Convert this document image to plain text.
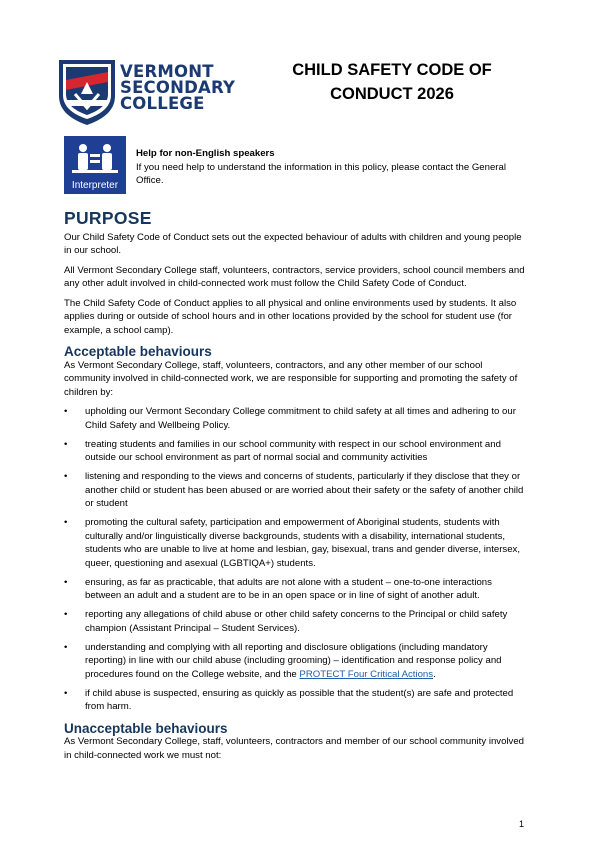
VERMONT
SECONDARY
COLLEGE
CHILD SAFETY CODE OF
CONDUCT 2026
Interpreter
Help for non-English speakers
If you need help to understand the information in this policy, please contact the General Office.
PURPOSE

Our Child Safety Code of Conduct sets out the expected behaviour of adults with children and young people in our school.

All Vermont Secondary College staff, volunteers, contractors, service providers, school council members and any other adult involved in child-connected work must follow the Child Safety Code of Conduct.

The Child Safety Code of Conduct applies to all physical and online environments used by students. It also applies during or outside of school hours and in other locations provided by the school for student use (for example, a school camp).

Acceptable behaviours

As Vermont Secondary College, staff, volunteers, contractors, and any other member of our school community involved in child-connected work, we are responsible for supporting and promoting the safety of children by:

• upholding our Vermont Secondary College commitment to child safety at all times and adhering to our Child Safety and Wellbeing Policy.
• treating students and families in our school community with respect in our school environment and outside our school environment as part of normal social and community activities
• listening and responding to the views and concerns of students, particularly if they disclose that they or another child or student has been abused or are worried about their safety or the safety of another child or student
• promoting the cultural safety, participation and empowerment of Aboriginal students, students with culturally and/or linguistically diverse backgrounds, students with a disability, international students, students who are unable to live at home and lesbian, gay, bisexual, trans and gender diverse, intersex, queer, questioning and asexual (LGBTIQA+) students.
• ensuring, as far as practicable, that adults are not alone with a student – one-to-one interactions between an adult and a student are to be in an open space or in line of sight of another adult.
• reporting any allegations of child abuse or other child safety concerns to the Principal or child safety champion (Assistant Principal – Student Services).
• understanding and complying with all reporting and disclosure obligations (including mandatory reporting) in line with our child abuse (including grooming) – identification and response policy and procedures found on the College website, and the PROTECT Four Critical Actions.
• if child abuse is suspected, ensuring as quickly as possible that the student(s) are safe and protected from harm.
Unacceptable behaviours

As Vermont Secondary College, staff, volunteers, contractors and member of our school community involved in child-connected work we must not:

1
